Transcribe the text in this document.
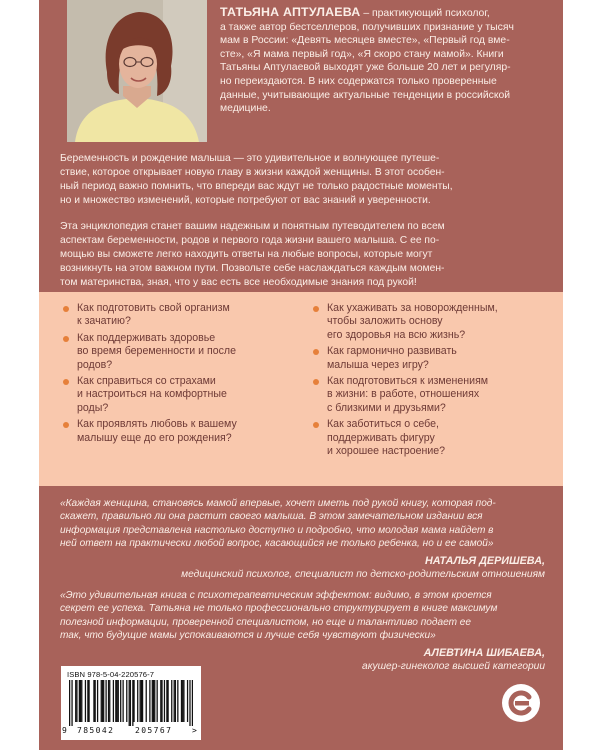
ТАТЬЯНА АПТУЛАЕВА – практикующий психолог,
а также автор бестселлеров, получивших признание у тысяч
мам в России: «Девять месяцев вместе», «Первый год вме-
сте», «Я мама первый год», «Я скоро стану мамой». Книги
Татьяны Аптулаевой выходят уже больше 20 лет и регуляр-
но переиздаются. В них содержатся только проверенные
данные, учитывающие актуальные тенденции в российской
медицине.
Беременность и рождение малыша — это удивительное и волнующее путеше-
ствие, которое открывает новую главу в жизни каждой женщины. В этот особен-
ный период важно помнить, что впереди вас ждут не только радостные моменты,
но и множество изменений, которые потребуют от вас знаний и уверенности.
Эта энциклопедия станет вашим надежным и понятным путеводителем по всем
аспектам беременности, родов и первого года жизни вашего малыша. С ее по-
мощью вы сможете легко находить ответы на любые вопросы, которые могут
возникнуть на этом важном пути. Позвольте себе наслаждаться каждым момен-
том материнства, зная, что у вас есть все необходимые знания под рукой!
Как подготовить свой организм
к зачатию?
Как поддерживать здоровье
во время беременности и после
родов?
Как справиться со страхами
и настроиться на комфортные
роды?
Как проявлять любовь к вашему
малышу еще до его рождения?
Как ухаживать за новорожденным,
чтобы заложить основу
его здоровья на всю жизнь?
Как гармонично развивать
малыша через игру?
Как подготовиться к изменениям
в жизни: в работе, отношениях
с близкими и друзьями?
Как заботиться о себе,
поддерживать фигуру
и хорошее настроение?
«Каждая женщина, становясь мамой впервые, хочет иметь под рукой книгу, которая под-
скажет, правильно ли она растит своего малыша. В этом замечательном издании вся
информация представлена настолько доступно и подробно, что молодая мама найдет в
ней ответ на практически любой вопрос, касающийся не только ребенка, но и ее самой»
НАТАЛЬЯ ДЕРИШЕВА,
медицинский психолог, специалист по детско-родительским отношениям
«Это удивительная книга с психотерапевтическим эффектом: видимо, в этом кроется
секрет ее успеха. Татьяна не только профессионально структурирует в книге максимум
полезной информации, проверенной специалистом, но еще и талантливо подает ее
так, что будущие мамы успокаиваются и лучше себя чувствуют физически»
АЛЕВТИНА ШИБАЕВА,
акушер-гинеколог высшей категории
ISBN 978-5-04-220576-7
9 785042	205767 >
